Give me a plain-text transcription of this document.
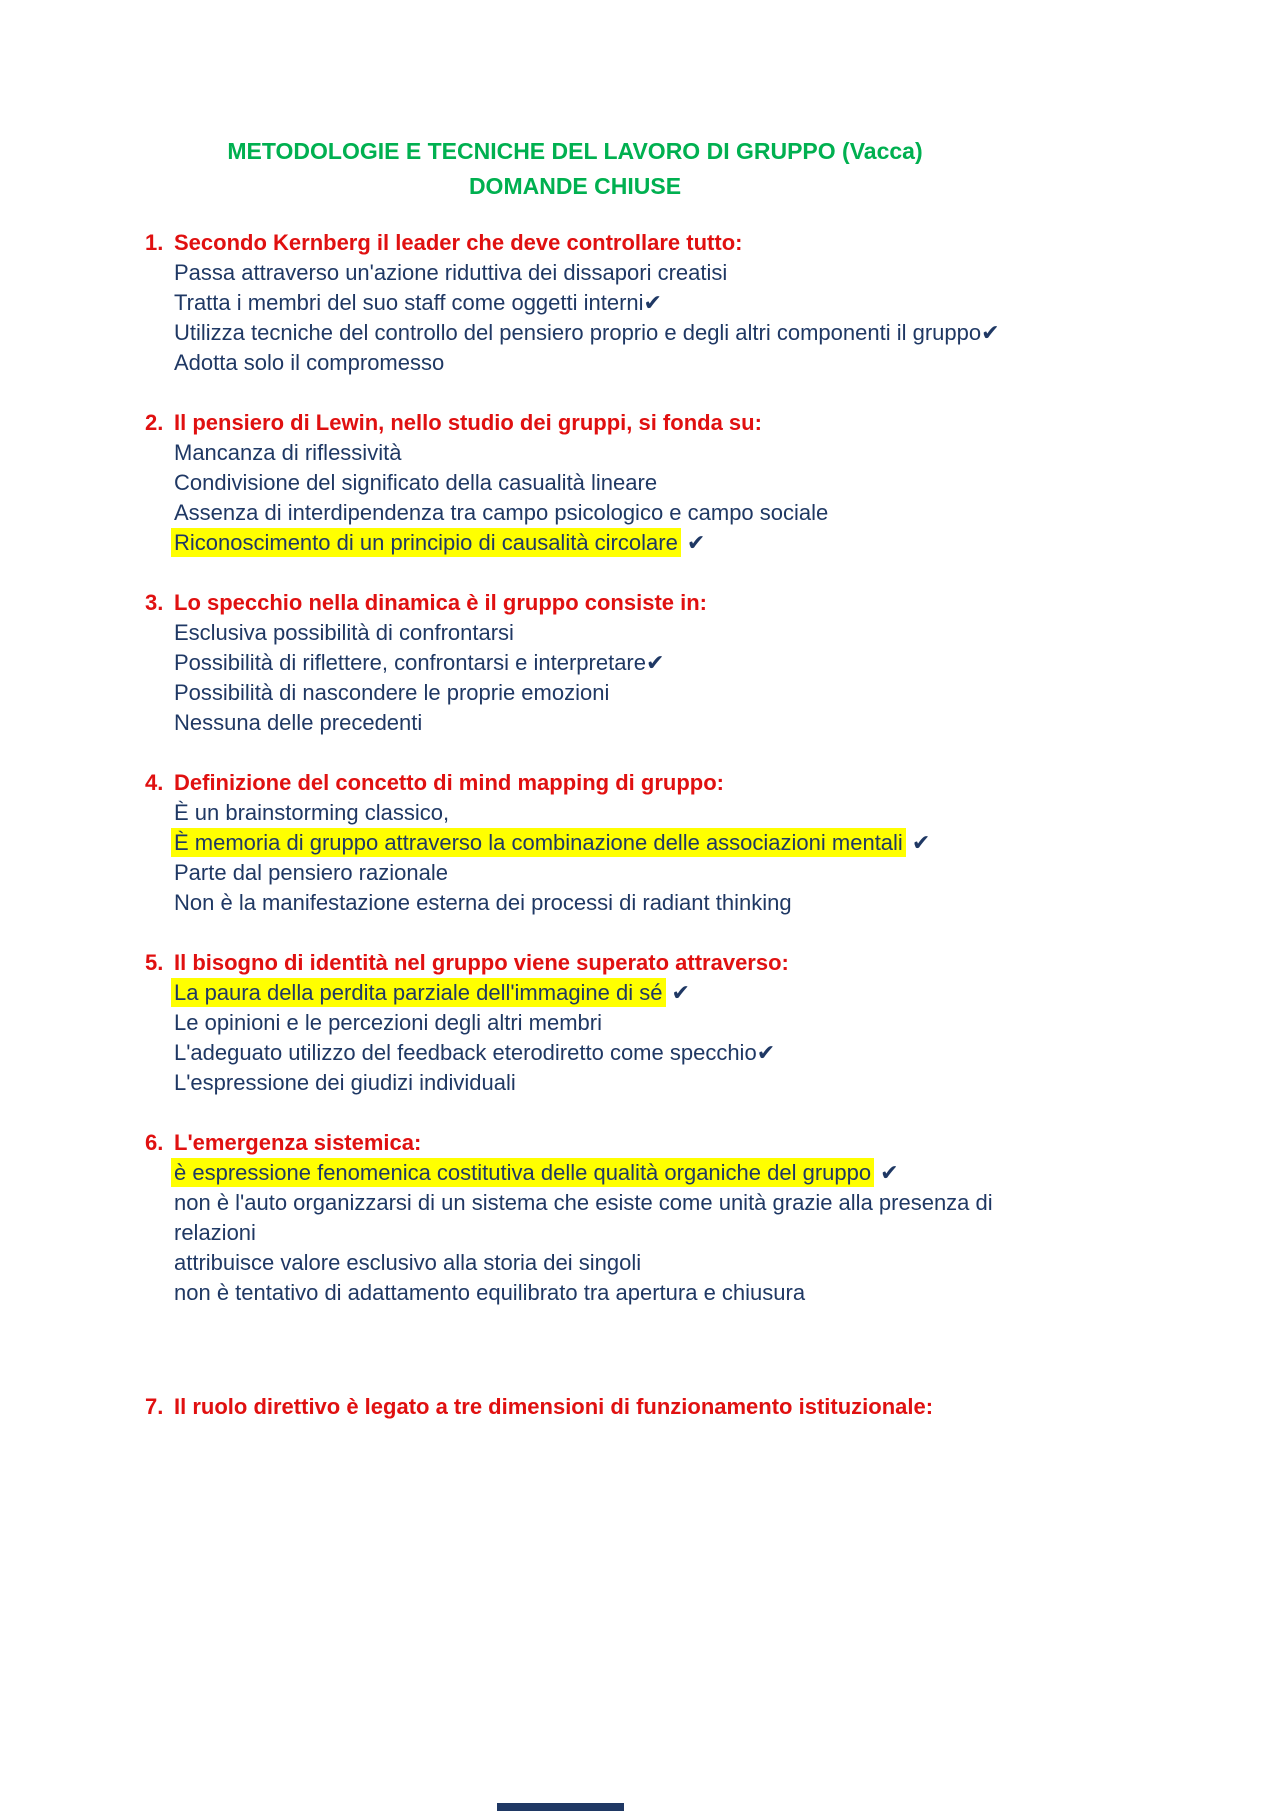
METODOLOGIE E TECNICHE DEL LAVORO DI GRUPPO (Vacca)
DOMANDE CHIUSE
1. Secondo Kernberg il leader che deve controllare tutto:
Passa attraverso un'azione riduttiva dei dissapori creatisi
Tratta i membri del suo staff come oggetti interni✔
Utilizza tecniche del controllo del pensiero proprio e degli altri componenti il gruppo✔
Adotta solo il compromesso
2. Il pensiero di Lewin, nello studio dei gruppi, si fonda su:
Mancanza di riflessività
Condivisione del significato della casualità lineare
Assenza di interdipendenza tra campo psicologico e campo sociale
Riconoscimento di un principio di causalità circolare ✔
3. Lo specchio nella dinamica è il gruppo consiste in:
Esclusiva possibilità di confrontarsi
Possibilità di riflettere, confrontarsi e interpretare✔
Possibilità di nascondere le proprie emozioni
Nessuna delle precedenti
4. Definizione del concetto di mind mapping di gruppo:
È un brainstorming classico,
È memoria di gruppo attraverso la combinazione delle associazioni mentali ✔
Parte dal pensiero razionale
Non è la manifestazione esterna dei processi di radiant thinking
5. Il bisogno di identità nel gruppo viene superato attraverso:
La paura della perdita parziale dell'immagine di sé ✔
Le opinioni e le percezioni degli altri membri
L'adeguato utilizzo del feedback eterodiretto come specchio✔
L'espressione dei giudizi individuali
6. L'emergenza sistemica:
è espressione fenomenica costitutiva delle qualità organiche del gruppo ✔
non è l'auto organizzarsi di un sistema che esiste come unità grazie alla presenza di relazioni
attribuisce valore esclusivo alla storia dei singoli
non è tentativo di adattamento equilibrato tra apertura e chiusura
7. Il ruolo direttivo è legato a tre dimensioni di funzionamento istituzionale:
